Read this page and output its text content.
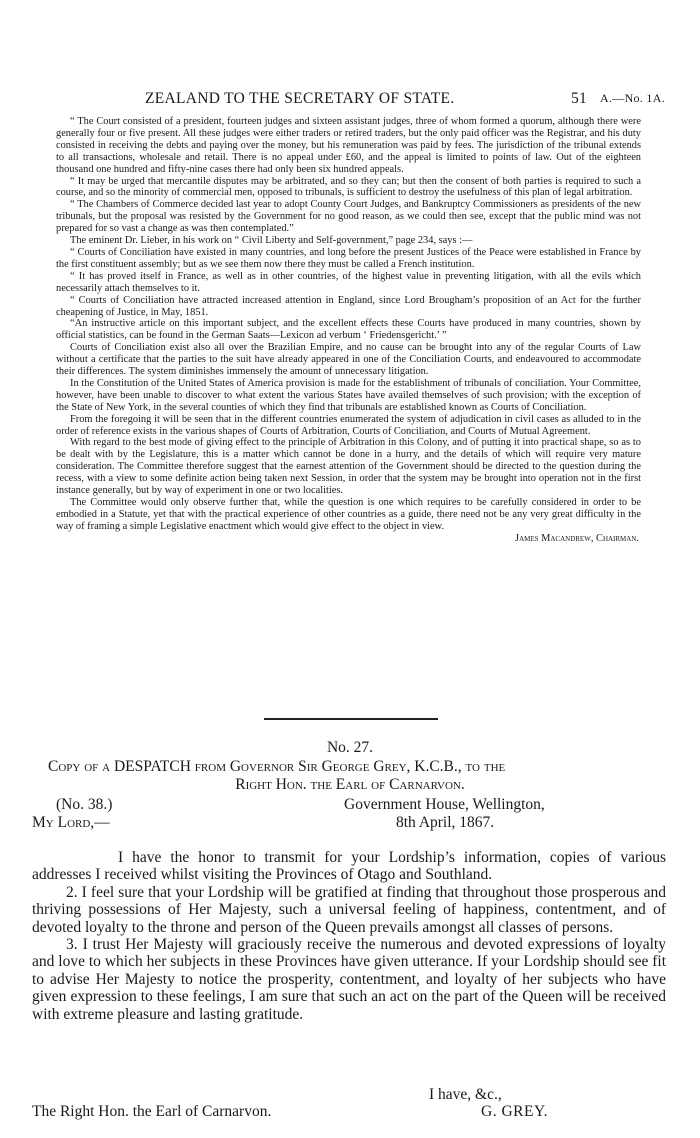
ZEALAND TO THE SECRETARY OF STATE.	51 A.—No. 1A.

“ The Court consisted of a president, fourteen judges and sixteen assistant judges, three of whom formed a quorum, although there were generally four or five present. All these judges were either traders or retired traders, but the only paid officer was the Registrar, and his duty consisted in receiving the debts and paying over the money, but his remuneration was paid by fees. The jurisdiction of the tribunal extends to all transactions, wholesale and retail. There is no appeal under £60, and the appeal is limited to points of law. Out of the eighteen thousand one hundred and fifty-nine cases there had only been six hundred appeals.

“ It may be urged that mercantile disputes may be arbitrated, and so they can; but then the consent of both parties is required to such a course, and so the minority of commercial men, opposed to tribunals, is sufficient to destroy the usefulness of this plan of legal arbitration.

“ The Chambers of Commerce decided last year to adopt County Court Judges, and Bankruptcy Commissioners as presidents of the new tribunals, but the proposal was resisted by the Government for no good reason, as we could then see, except that the public mind was not prepared for so vast a change as was then contemplated.”

The eminent Dr. Lieber, in his work on “ Civil Liberty and Self-government,” page 234, says :—

“ Courts of Conciliation have existed in many countries, and long before the present Justices of the Peace were established in France by the first constituent assembly; but as we see them now there they must be called a French institution.

“ It has proved itself in France, as well as in other countries, of the highest value in preventing litigation, with all the evils which necessarily attach themselves to it.

“ Courts of Conciliation have attracted increased attention in England, since Lord Brougham’s proposition of an Act for the further cheapening of Justice, in May, 1851.

“An instructive article on this important subject, and the excellent effects these Courts have produced in many countries, shown by official statistics, can be found in the German Saats—Lexicon ad verbum ‘ Friedensgericht.’ ”

Courts of Conciliation exist also all over the Brazilian Empire, and no cause can be brought into any of the regular Courts of Law without a certificate that the parties to the suit have already appeared in one of the Conciliation Courts, and endeavoured to accommodate their differences. The system diminishes immensely the amount of unnecessary litigation.

In the Constitution of the United States of America provision is made for the establishment of tribunals of conciliation. Your Committee, however, have been unable to discover to what extent the various States have availed themselves of such provision; with the exception of the State of New York, in the several counties of which they find that tribunals are established known as Courts of Conciliation.

From the foregoing it will be seen that in the different countries enumerated the system of adjudication in civil cases as alluded to in the order of reference exists in the various shapes of Courts of Arbitration, Courts of Conciliation, and Courts of Mutual Agreement.

With regard to the best mode of giving effect to the principle of Arbitration in this Colony, and of putting it into practical shape, so as to be dealt with by the Legislature, this is a matter which cannot be done in a hurry, and the details of which will require very mature consideration. The Committee therefore suggest that the earnest attention of the Government should be directed to the question during the recess, with a view to some definite action being taken next Session, in order that the system may be brought into operation not in the first instance generally, but by way of experiment in one or two localities.

The Committee would only observe further that, while the question is one which requires to be carefully considered in order to be embodied in a Statute, yet that with the practical experience of other countries as a guide, there need not be any very great difficulty in the way of framing a simple Legislative enactment which would give effect to the object in view.

James Macandrew, Chairman.

No. 27.
Copy of a DESPATCH from Governor Sir George Grey, K.C.B., to the
Right Hon. the Earl of Carnarvon.
(No. 38.)	Government House, Wellington,
My Lord,—	8th April, 1867.

I have the honor to transmit for your Lordship’s information, copies of various addresses I received whilst visiting the Provinces of Otago and Southland.

2. I feel sure that your Lordship will be gratified at finding that throughout those prosperous and thriving possessions of Her Majesty, such a universal feeling of happiness, contentment, and of devoted loyalty to the throne and person of the Queen prevails amongst all classes of persons.

3. I trust Her Majesty will graciously receive the numerous and devoted expressions of loyalty and love to which her subjects in these Provinces have given utterance. If your Lordship should see fit to advise Her Majesty to notice the prosperity, contentment, and loyalty of her subjects who have given expression to these feelings, I am sure that such an act on the part of the Queen will be received with extreme pleasure and lasting gratitude.

I have, &c.,
The Right Hon. the Earl of Carnarvon.	G. GREY.
